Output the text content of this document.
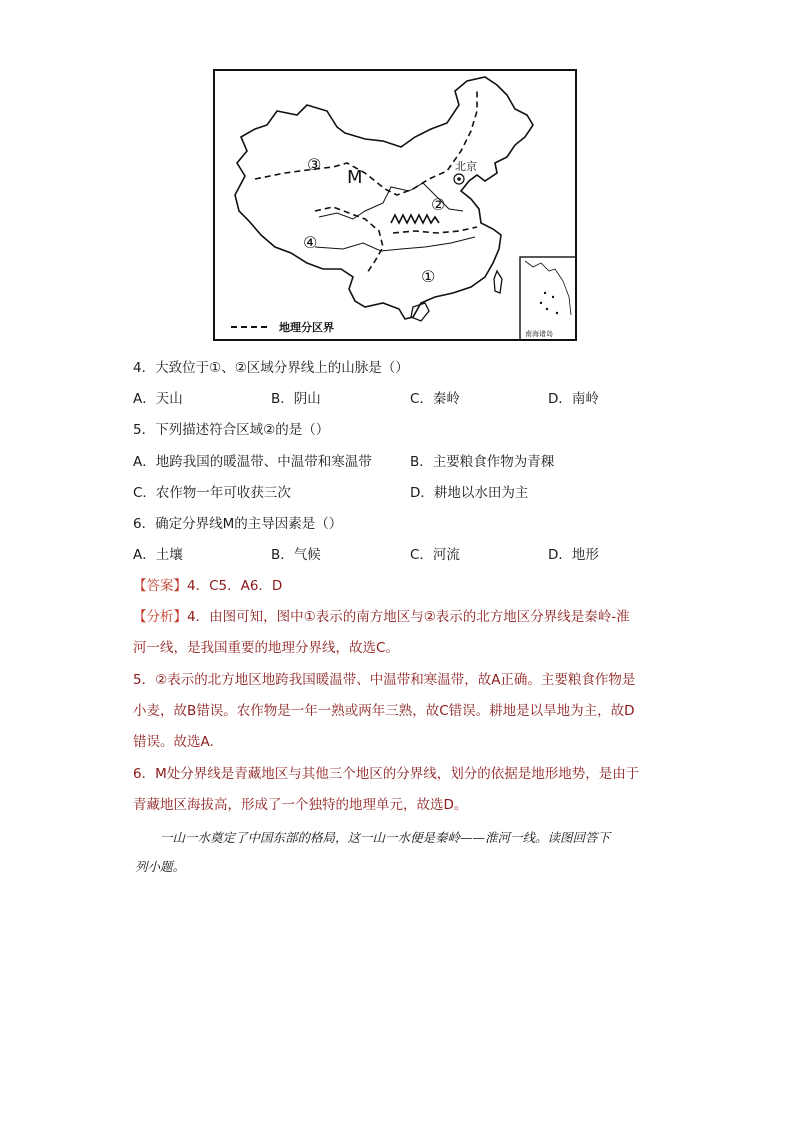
③
M
②
④
①
北京
地理分区界	南海诸岛
4．大致位于①、②区域分界线上的山脉是（）
A．天山	B．阴山	C．秦岭	D．南岭
5．下列描述符合区域②的是（）
A．地跨我国的暖温带、中温带和寒温带	B．主要粮食作物为青稞
C．农作物一年可收获三次	D．耕地以水田为主
6．确定分界线M的主导因素是（）
A．土壤	B．气候	C．河流	D．地形
【答案】4．C5．A6．D
【分析】4．由图可知，图中①表示的南方地区与②表示的北方地区分界线是秦岭-淮
河一线，是我国重要的地理分界线，故选C。
5．②表示的北方地区地跨我国暖温带、中温带和寒温带，故A正确。主要粮食作物是
小麦，故B错误。农作物是一年一熟或两年三熟，故C错误。耕地是以旱地为主，故D
错误。故选A.
6．M处分界线是青藏地区与其他三个地区的分界线，划分的依据是地形地势，是由于
青藏地区海拔高，形成了一个独特的地理单元，故选D。
一山一水奠定了中国东部的格局，这一山一水便是秦岭——淮河一线。读图回答下
列小题。
